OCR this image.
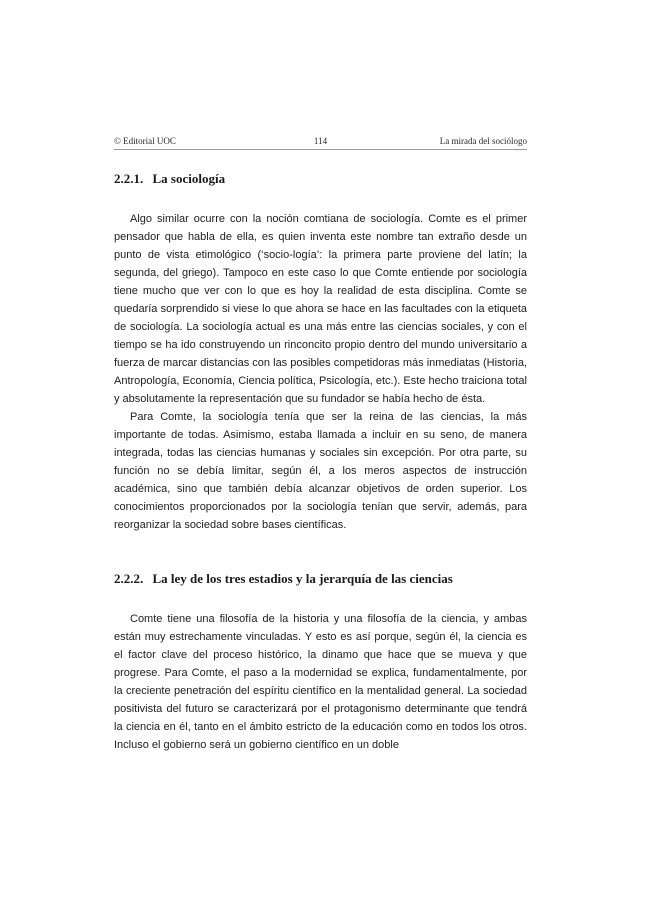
© Editorial UOC	114	La mirada del sociólogo
2.2.1. La sociología

Algo similar ocurre con la noción comtiana de sociología. Comte es el primer pensador que habla de ella, es quien inventa este nombre tan extraño desde un punto de vista etimológico (‘socio-logía’: la primera parte proviene del latín; la segunda, del griego). Tampoco en este caso lo que Comte entiende por sociología tiene mucho que ver con lo que es hoy la realidad de esta disciplina. Comte se quedaría sorprendido si viese lo que ahora se hace en las facultades con la etiqueta de sociología. La sociología actual es una más entre las ciencias sociales, y con el tiempo se ha ido construyendo un rinconcito propio dentro del mundo universitario a fuerza de marcar distancias con las posibles competidoras más inmediatas (Historia, Antropología, Economía, Ciencia política, Psicología, etc.). Este hecho traiciona total y absolutamente la representación que su fundador se había hecho de ésta.

Para Comte, la sociología tenía que ser la reina de las ciencias, la más importante de todas. Asimismo, estaba llamada a incluir en su seno, de manera integrada, todas las ciencias humanas y sociales sin excepción. Por otra parte, su función no se debía limitar, según él, a los meros aspectos de instrucción académica, sino que también debía alcanzar objetivos de orden superior. Los conocimientos proporcionados por la sociología tenían que servir, además, para reorganizar la sociedad sobre bases científicas.

2.2.2. La ley de los tres estadios y la jerarquía de las ciencias

Comte tiene una filosofía de la historia y una filosofía de la ciencia, y ambas están muy estrechamente vinculadas. Y esto es así porque, según él, la ciencia es el factor clave del proceso histórico, la dinamo que hace que se mueva y que progrese. Para Comte, el paso a la modernidad se explica, fundamentalmente, por la creciente penetración del espíritu científico en la mentalidad general. La sociedad positivista del futuro se caracterizará por el protagonismo determinante que tendrá la ciencia en él, tanto en el ámbito estricto de la educación como en todos los otros. Incluso el gobierno será un gobierno científico en un doble
